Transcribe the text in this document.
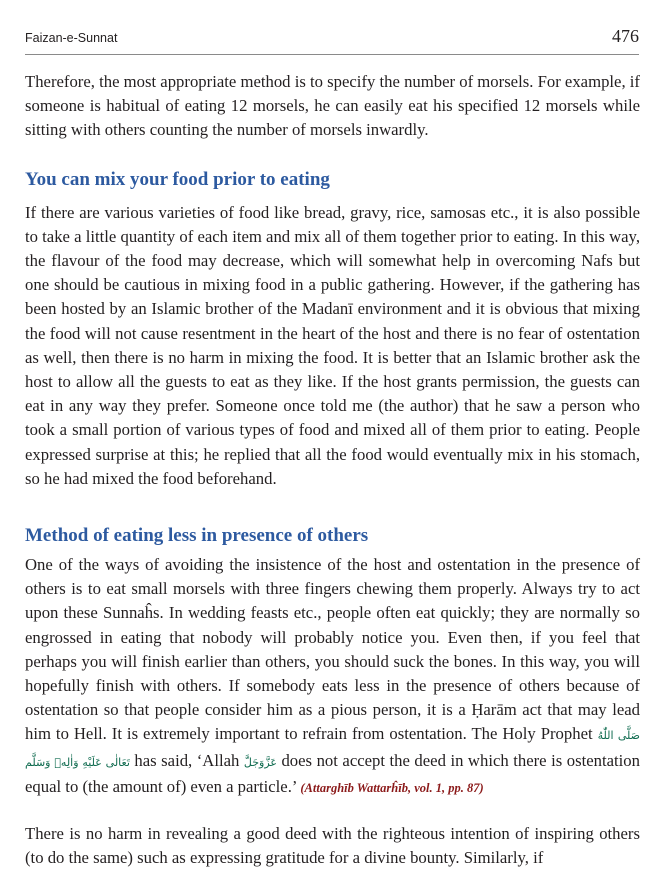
Faizan-e-Sunnat	476

Therefore, the most appropriate method is to specify the number of morsels. For example, if someone is habitual of eating 12 morsels, he can easily eat his specified 12 morsels while sitting with others counting the number of morsels inwardly.

You can mix your food prior to eating

If there are various varieties of food like bread, gravy, rice, samosas etc., it is also possible to take a little quantity of each item and mix all of them together prior to eating. In this way, the flavour of the food may decrease, which will somewhat help in overcoming Nafs but one should be cautious in mixing food in a public gathering. However, if the gathering has been hosted by an Islamic brother of the Madanī environment and it is obvious that mixing the food will not cause resentment in the heart of the host and there is no fear of ostentation as well, then there is no harm in mixing the food. It is better that an Islamic brother ask the host to allow all the guests to eat as they like. If the host grants permission, the guests can eat in any way they prefer. Someone once told me (the author) that he saw a person who took a small portion of various types of food and mixed all of them prior to eating. People expressed surprise at this; he replied that all the food would eventually mix in his stomach, so he had mixed the food beforehand.

Method of eating less in presence of others

One of the ways of avoiding the insistence of the host and ostentation in the presence of others is to eat small morsels with three fingers chewing them properly. Always try to act upon these Sunnaĥs. In wedding feasts etc., people often eat quickly; they are normally so engrossed in eating that nobody will probably notice you. Even then, if you feel that perhaps you will finish earlier than others, you should suck the bones. In this way, you will hopefully finish with others. If somebody eats less in the presence of others because of ostentation so that people consider him as a pious person, it is a Ḥarām act that may lead him to Hell. It is extremely important to refrain from ostentation. The Holy Prophet صَلَّی اللّٰەُ تَعَالٰی عَلَیْەِ وَاٰلِەٖ وَسَلَّم has said, ‘Allah عَزَّوَجَلَّ does not accept the deed in which there is ostentation equal to (the amount of) even a particle.’ (Attarghīb Wattarĥīb, vol. 1, pp. 87)

There is no harm in revealing a good deed with the righteous intention of inspiring others (to do the same) such as expressing gratitude for a divine bounty. Similarly, if
